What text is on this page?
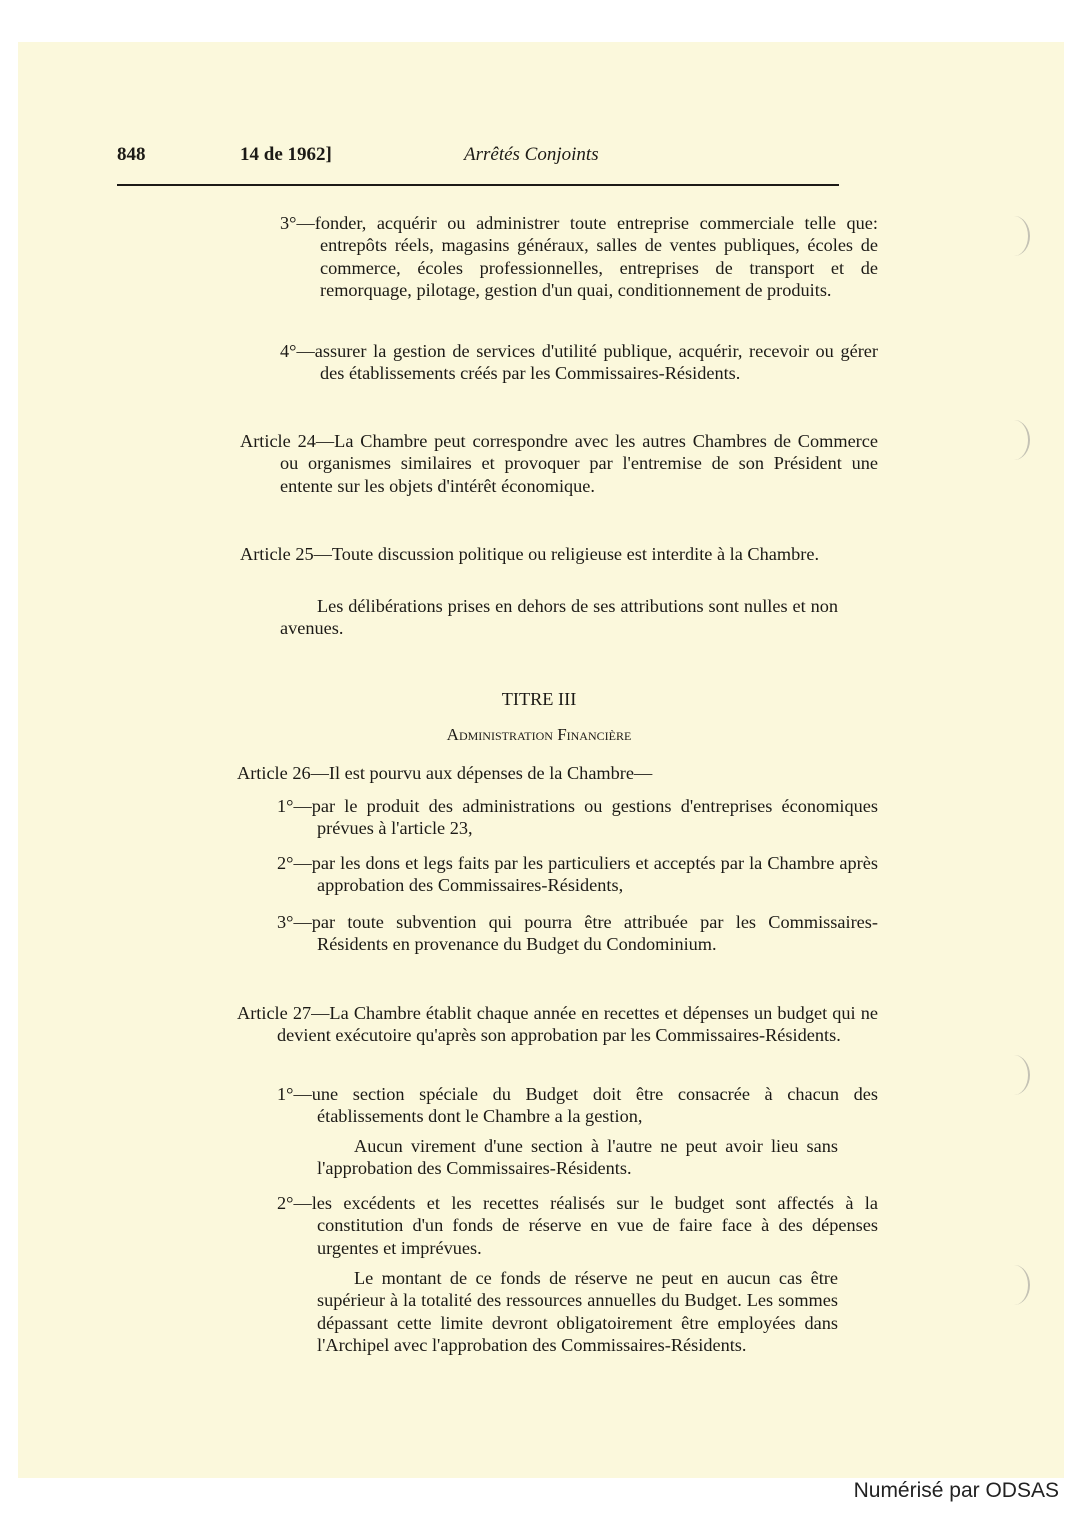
848	14 de 1962]	Arrêtés Conjoints
3°—fonder, acquérir ou administrer toute entreprise commerciale telle que: entrepôts réels, magasins généraux, salles de ventes publiques, écoles de commerce, écoles professionnelles, entreprises de transport et de remorquage, pilotage, gestion d'un quai, conditionnement de produits.
4°—assurer la gestion de services d'utilité publique, acquérir, recevoir ou gérer des établissements créés par les Commissaires-Résidents.
Article 24—La Chambre peut correspondre avec les autres Chambres de Commerce ou organismes similaires et provoquer par l'entremise de son Président une entente sur les objets d'intérêt économique.
Article 25—Toute discussion politique ou religieuse est interdite à la Chambre.
Les délibérations prises en dehors de ses attributions sont nulles et non avenues.
TITRE III
Administration Financière
Article 26—Il est pourvu aux dépenses de la Chambre—
1°—par le produit des administrations ou gestions d'entreprises économiques prévues à l'article 23,
2°—par les dons et legs faits par les particuliers et acceptés par la Chambre après approbation des Commissaires-Résidents,
3°—par toute subvention qui pourra être attribuée par les Commissaires-Résidents en provenance du Budget du Condominium.
Article 27—La Chambre établit chaque année en recettes et dépenses un budget qui ne devient exécutoire qu'après son approbation par les Commissaires-Résidents.
1°—une section spéciale du Budget doit être consacrée à chacun des établissements dont le Chambre a la gestion,
Aucun virement d'une section à l'autre ne peut avoir lieu sans l'approbation des Commissaires-Résidents.
2°—les excédents et les recettes réalisés sur le budget sont affectés à la constitution d'un fonds de réserve en vue de faire face à des dépenses urgentes et imprévues.
Le montant de ce fonds de réserve ne peut en aucun cas être supérieur à la totalité des ressources annuelles du Budget. Les sommes dépassant cette limite devront obligatoirement être employées dans l'Archipel avec l'approbation des Commissaires-Résidents.
Numérisé par ODSAS
